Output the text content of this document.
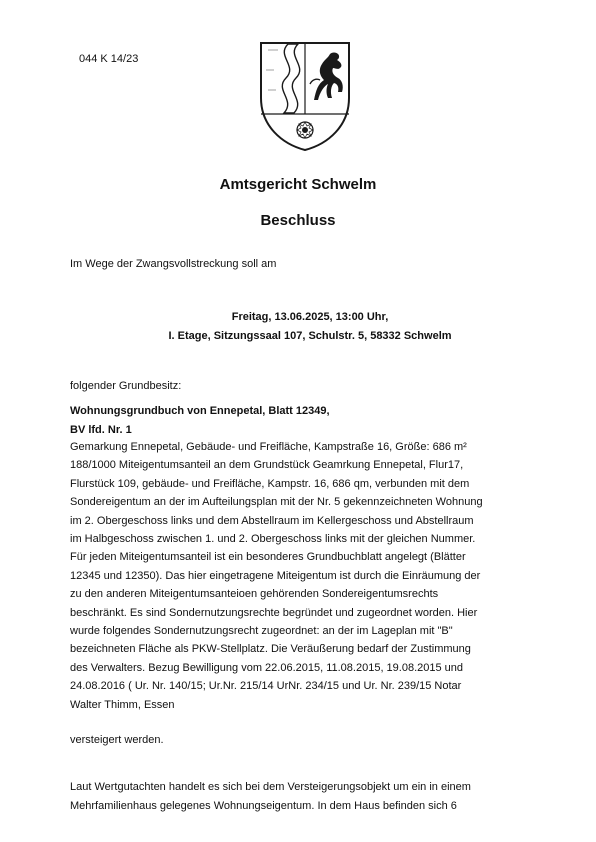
044 K 14/23
Amtsgericht Schwelm
Beschluss
Im Wege der Zwangsvollstreckung soll am
Freitag, 13.06.2025, 13:00 Uhr,
I. Etage, Sitzungssaal 107, Schulstr. 5, 58332 Schwelm
folgender Grundbesitz:
Wohnungsgrundbuch von Ennepetal, Blatt 12349,
BV lfd. Nr. 1
Gemarkung Ennepetal, Gebäude- und Freifläche, Kampstraße 16, Größe: 686 m²
188/1000 Miteigentumsanteil an dem Grundstück Geamrkung Ennepetal, Flur17,
Flurstück 109, gebäude- und Freifläche, Kampstr. 16, 686 qm, verbunden mit dem
Sondereigentum an der im Aufteilungsplan mit der Nr. 5 gekennzeichneten Wohnung
im 2. Obergeschoss links und dem Abstellraum im Kellergeschoss und Abstellraum
im Halbgeschoss zwischen 1. und 2. Obergeschoss links mit der gleichen Nummer.
Für jeden Miteigentumsanteil ist ein besonderes Grundbuchblatt angelegt (Blätter
12345 und 12350). Das hier eingetragene Miteigentum ist durch die Einräumung der
zu den anderen Miteigentumsanteioen gehörenden Sondereigentumsrechts
beschränkt. Es sind Sondernutzungsrechte begründet und zugeordnet worden. Hier
wurde folgendes Sondernutzungsrecht zugeordnet: an der im Lageplan mit "B"
bezeichneten Fläche als PKW-Stellplatz. Die Veräußerung bedarf der Zustimmung
des Verwalters. Bezug Bewilligung vom 22.06.2015, 11.08.2015, 19.08.2015 und
24.08.2016 ( Ur. Nr. 140/15; Ur.Nr. 215/14 UrNr. 234/15 und Ur. Nr. 239/15 Notar
Walter Thimm, Essen
versteigert werden.
Laut Wertgutachten handelt es sich bei dem Versteigerungsobjekt um ein in einem
Mehrfamilienhaus gelegenes Wohnungseigentum. In dem Haus befinden sich 6
